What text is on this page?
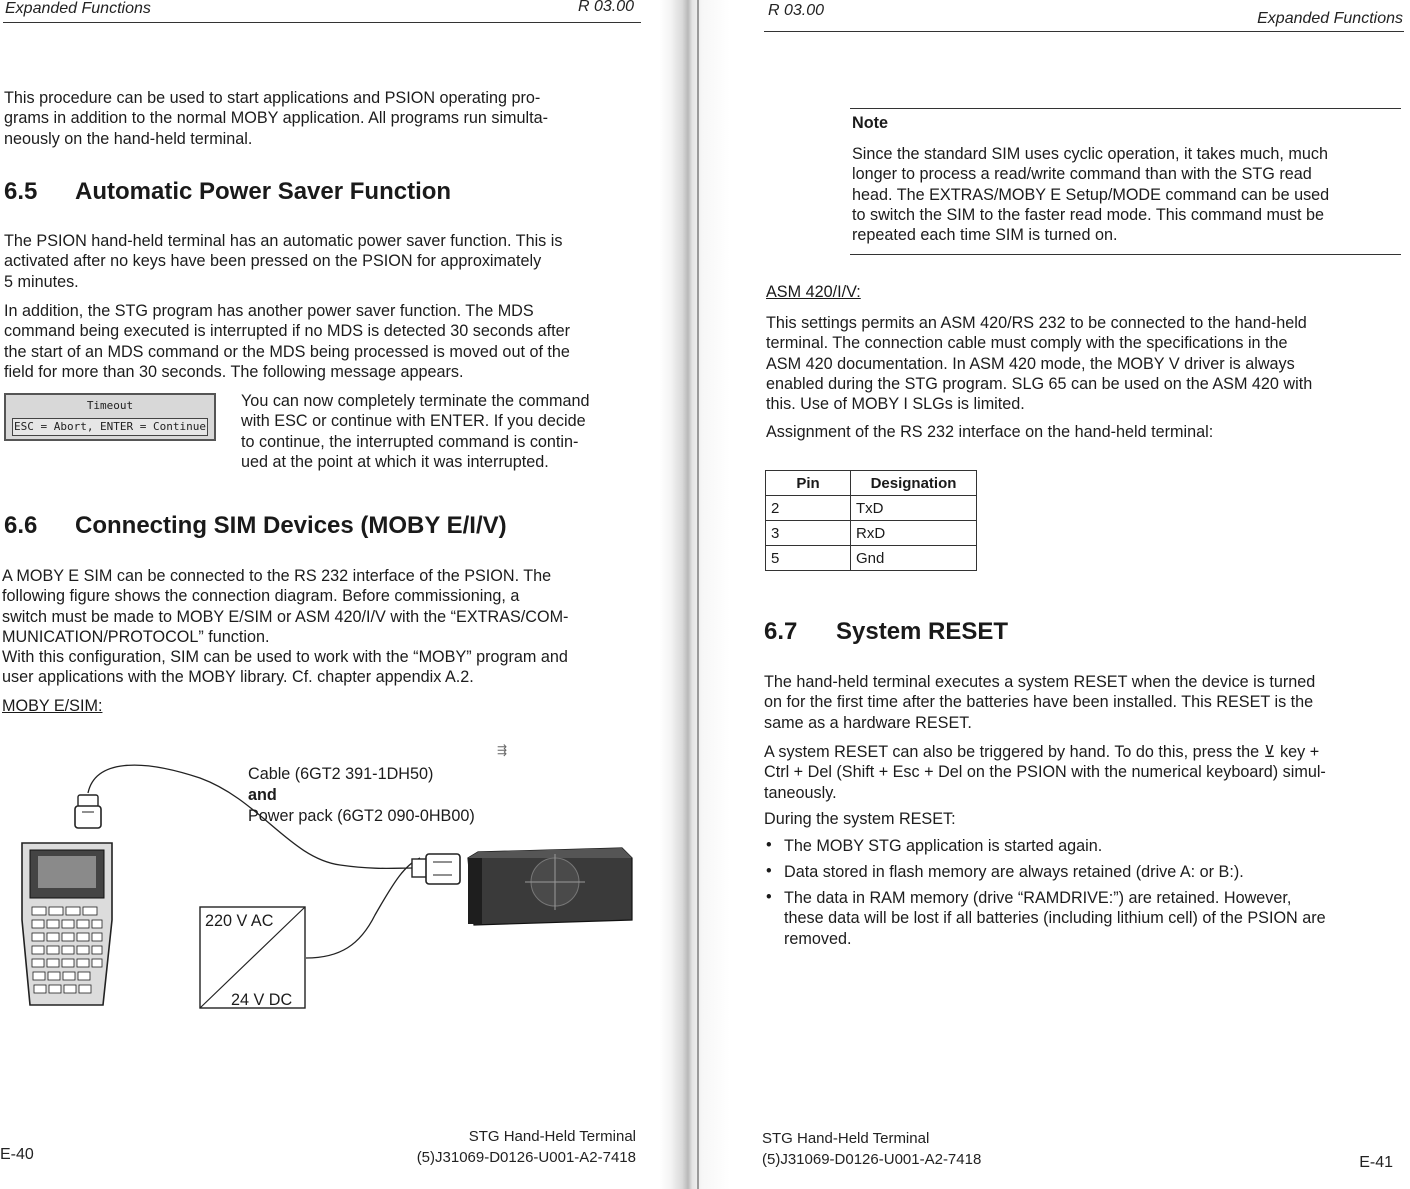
Expanded Functions	R 03.00
This procedure can be used to start applications and PSION operating pro-
grams in addition to the normal MOBY application. All programs run simulta-
neously on the hand-held terminal.
6.5 Automatic Power Saver Function
The PSION hand-held terminal has an automatic power saver function. This is
activated after no keys have been pressed on the PSION for approximately
5 minutes.
In addition, the STG program has another power saver function. The MDS
command being executed is interrupted if no MDS is detected 30 seconds after
the start of an MDS command or the MDS being processed is moved out of the
field for more than 30 seconds. The following message appears.
Timeout
ESC = Abort, ENTER = Continue
You can now completely terminate the command
with ESC or continue with ENTER. If you decide
to continue, the interrupted command is contin-
ued at the point at which it was interrupted.
6.6 Connecting SIM Devices (MOBY E/I/V)
A MOBY E SIM can be connected to the RS 232 interface of the PSION. The
following figure shows the connection diagram. Before commissioning, a
switch must be made to MOBY E/SIM or ASM 420/I/V with the “EXTRAS/COM-
MUNICATION/PROTOCOL” function.
With this configuration, SIM can be used to work with the “MOBY” program and
user applications with the MOBY library. Cf. chapter appendix A.2.
MOBY E/SIM:
⇶
Cable (6GT2 391-1DH50)
and
Power pack (6GT2 090-0HB00)
220 V AC
24 V DC
E-40
STG Hand-Held Terminal
(5)J31069-D0126-U001-A2-7418
R 03.00	Expanded Functions
Note
Since the standard SIM uses cyclic operation, it takes much, much
longer to process a read/write command than with the STG read
head. The EXTRAS/MOBY E Setup/MODE command can be used
to switch the SIM to the faster read mode. This command must be
repeated each time SIM is turned on.
ASM 420/I/V:
This settings permits an ASM 420/RS 232 to be connected to the hand-held
terminal. The connection cable must comply with the specifications in the
ASM 420 documentation. In ASM 420 mode, the MOBY V driver is always
enabled during the STG program. SLG 65 can be used on the ASM 420 with
this. Use of MOBY I SLGs is limited.
Assignment of the RS 232 interface on the hand-held terminal:
Pin	Designation
2	TxD
3	RxD
5	Gnd
6.7 System RESET
The hand-held terminal executes a system RESET when the device is turned
on for the first time after the batteries have been installed. This RESET is the
same as a hardware RESET.
A system RESET can also be triggered by hand. To do this, press the ⊻ key +
Ctrl + Del (Shift + Esc + Del on the PSION with the numerical keyboard) simul-
taneously.
During the system RESET:
• The MOBY STG application is started again.
• Data stored in flash memory are always retained (drive A: or B:).
• The data in RAM memory (drive “RAMDRIVE:”) are retained. However,
these data will be lost if all batteries (including lithium cell) of the PSION are
removed.
STG Hand-Held Terminal
(5)J31069-D0126-U001-A2-7418	E-41
